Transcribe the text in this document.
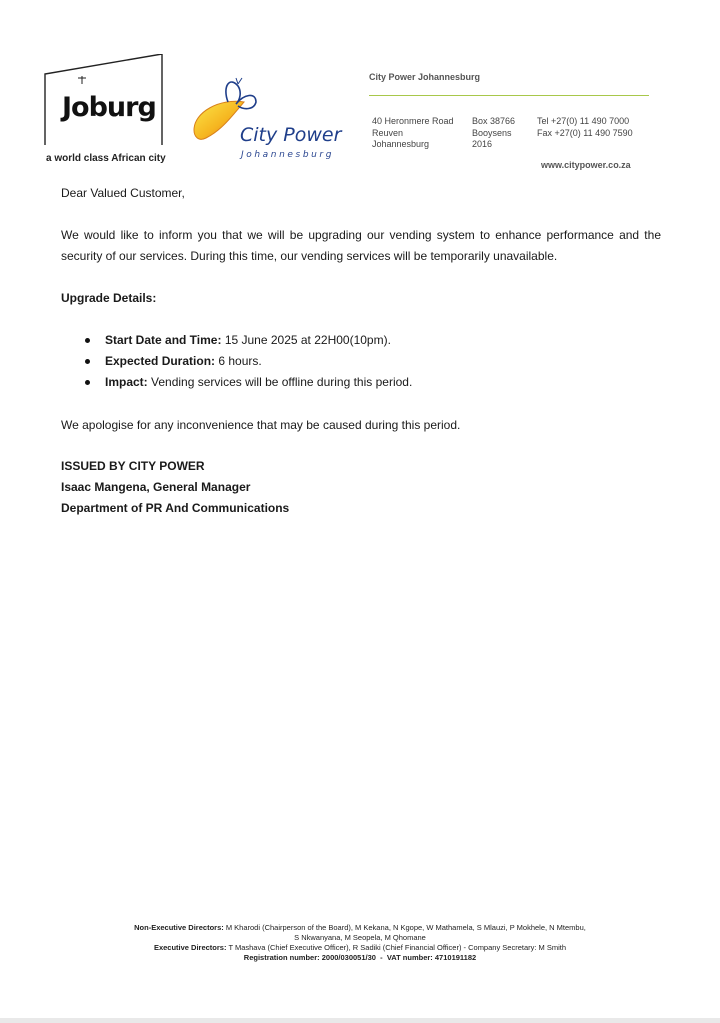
Joburg
a world class African city
City Power
Johannesburg
City Power Johannesburg
40 Heronmere Road
Reuven
Johannesburg
Box 38766
Booysens
2016
Tel +27(0) 11 490 7000
Fax +27(0) 11 490 7590
www.citypower.co.za
Dear Valued Customer,
We would like to inform you that we will be upgrading our vending system to enhance performance and the security of our services. During this time, our vending services will be temporarily unavailable.
Upgrade Details:
Start Date and Time: 15 June 2025 at 22H00(10pm).
Expected Duration: 6 hours.
Impact: Vending services will be offline during this period.
We apologise for any inconvenience that may be caused during this period.
ISSUED BY CITY POWER
Isaac Mangena, General Manager
Department of PR And Communications
Non-Executive Directors: M Kharodi (Chairperson of the Board), M Kekana, N Kgope, W Mathamela, S Mlauzi, P Mokhele, N Mtembu,
S Nkwanyana, M Seopela, M Qhomane
Executive Directors: T Mashava (Chief Executive Officer), R Sadiki (Chief Financial Officer) - Company Secretary: M Smith
Registration number: 2000/030051/30 - VAT number: 4710191182
